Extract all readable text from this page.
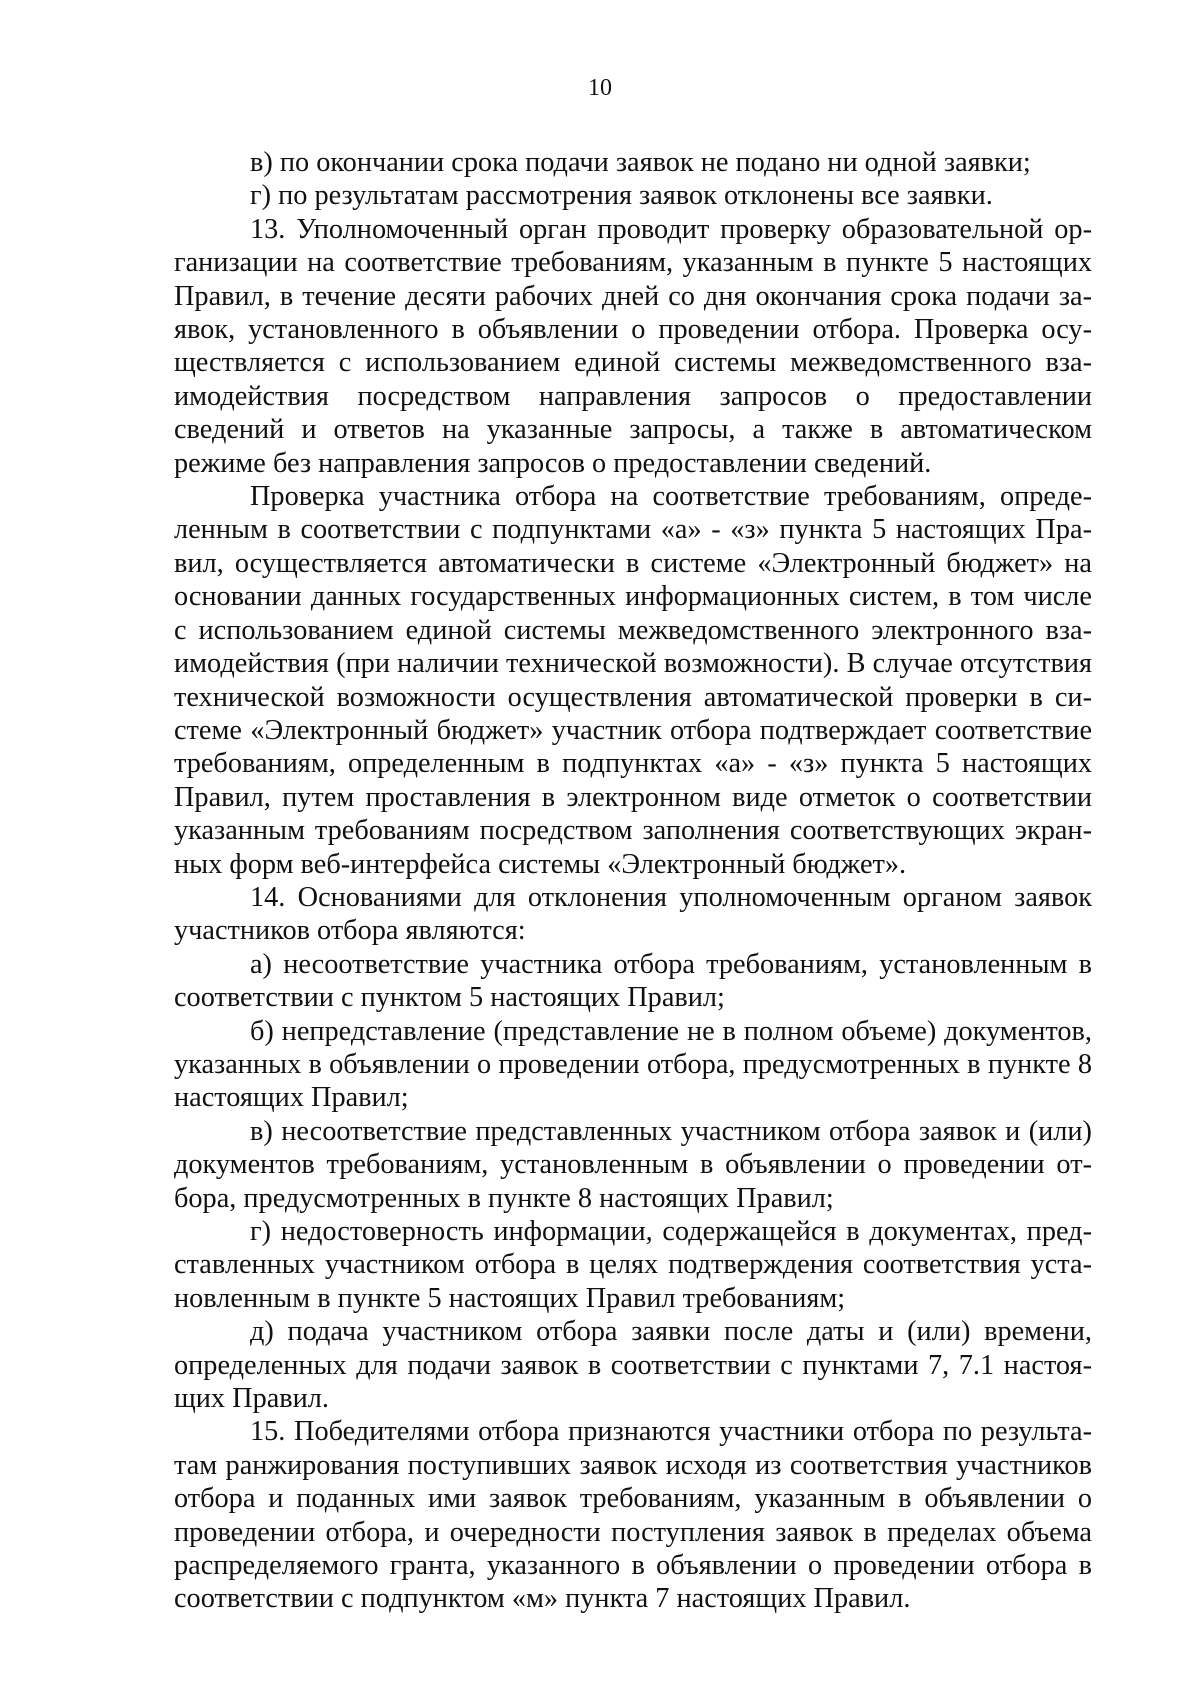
10

в) по окончании срока подачи заявок не подано ни одной заявки;

г) по результатам рассмотрения заявок отклонены все заявки.

13. Уполномоченный орган проводит проверку образовательной организации на соответствие требованиям, указанным в пункте 5 настоящих Правил, в течение десяти рабочих дней со дня окончания срока подачи заявок, установленного в объявлении о проведении отбора. Проверка осуществляется с использованием единой системы межведомственного взаимодействия посредством направления запросов о предоставлении сведений и ответов на указанные запросы, а также в автоматическом режиме без направления запросов о предоставлении сведений.

Проверка участника отбора на соответствие требованиям, определенным в соответствии с подпунктами «а» - «з» пункта 5 настоящих Правил, осуществляется автоматически в системе «Электронный бюджет» на основании данных государственных информационных систем, в том числе с использованием единой системы межведомственного электронного взаимодействия (при наличии технической возможности). В случае отсутствия технической возможности осуществления автоматической проверки в системе «Электронный бюджет» участник отбора подтверждает соответствие требованиям, определенным в подпунктах «а» - «з» пункта 5 настоящих Правил, путем проставления в электронном виде отметок о соответствии указанным требованиям посредством заполнения соответствующих экранных форм веб-интерфейса системы «Электронный бюджет».

14. Основаниями для отклонения уполномоченным органом заявок участников отбора являются:

а) несоответствие участника отбора требованиям, установленным в соответствии с пунктом 5 настоящих Правил;

б) непредставление (представление не в полном объеме) документов, указанных в объявлении о проведении отбора, предусмотренных в пункте 8 настоящих Правил;

в) несоответствие представленных участником отбора заявок и (или) документов требованиям, установленным в объявлении о проведении отбора, предусмотренных в пункте 8 настоящих Правил;

г) недостоверность информации, содержащейся в документах, представленных участником отбора в целях подтверждения соответствия установленным в пункте 5 настоящих Правил требованиям;

д) подача участником отбора заявки после даты и (или) времени, определенных для подачи заявок в соответствии с пунктами 7, 7.1 настоящих Правил.

15. Победителями отбора признаются участники отбора по результатам ранжирования поступивших заявок исходя из соответствия участников отбора и поданных ими заявок требованиям, указанным в объявлении о проведении отбора, и очередности поступления заявок в пределах объема распределяемого гранта, указанного в объявлении о проведении отбора в соответствии с подпунктом «м» пункта 7 настоящих Правил.
